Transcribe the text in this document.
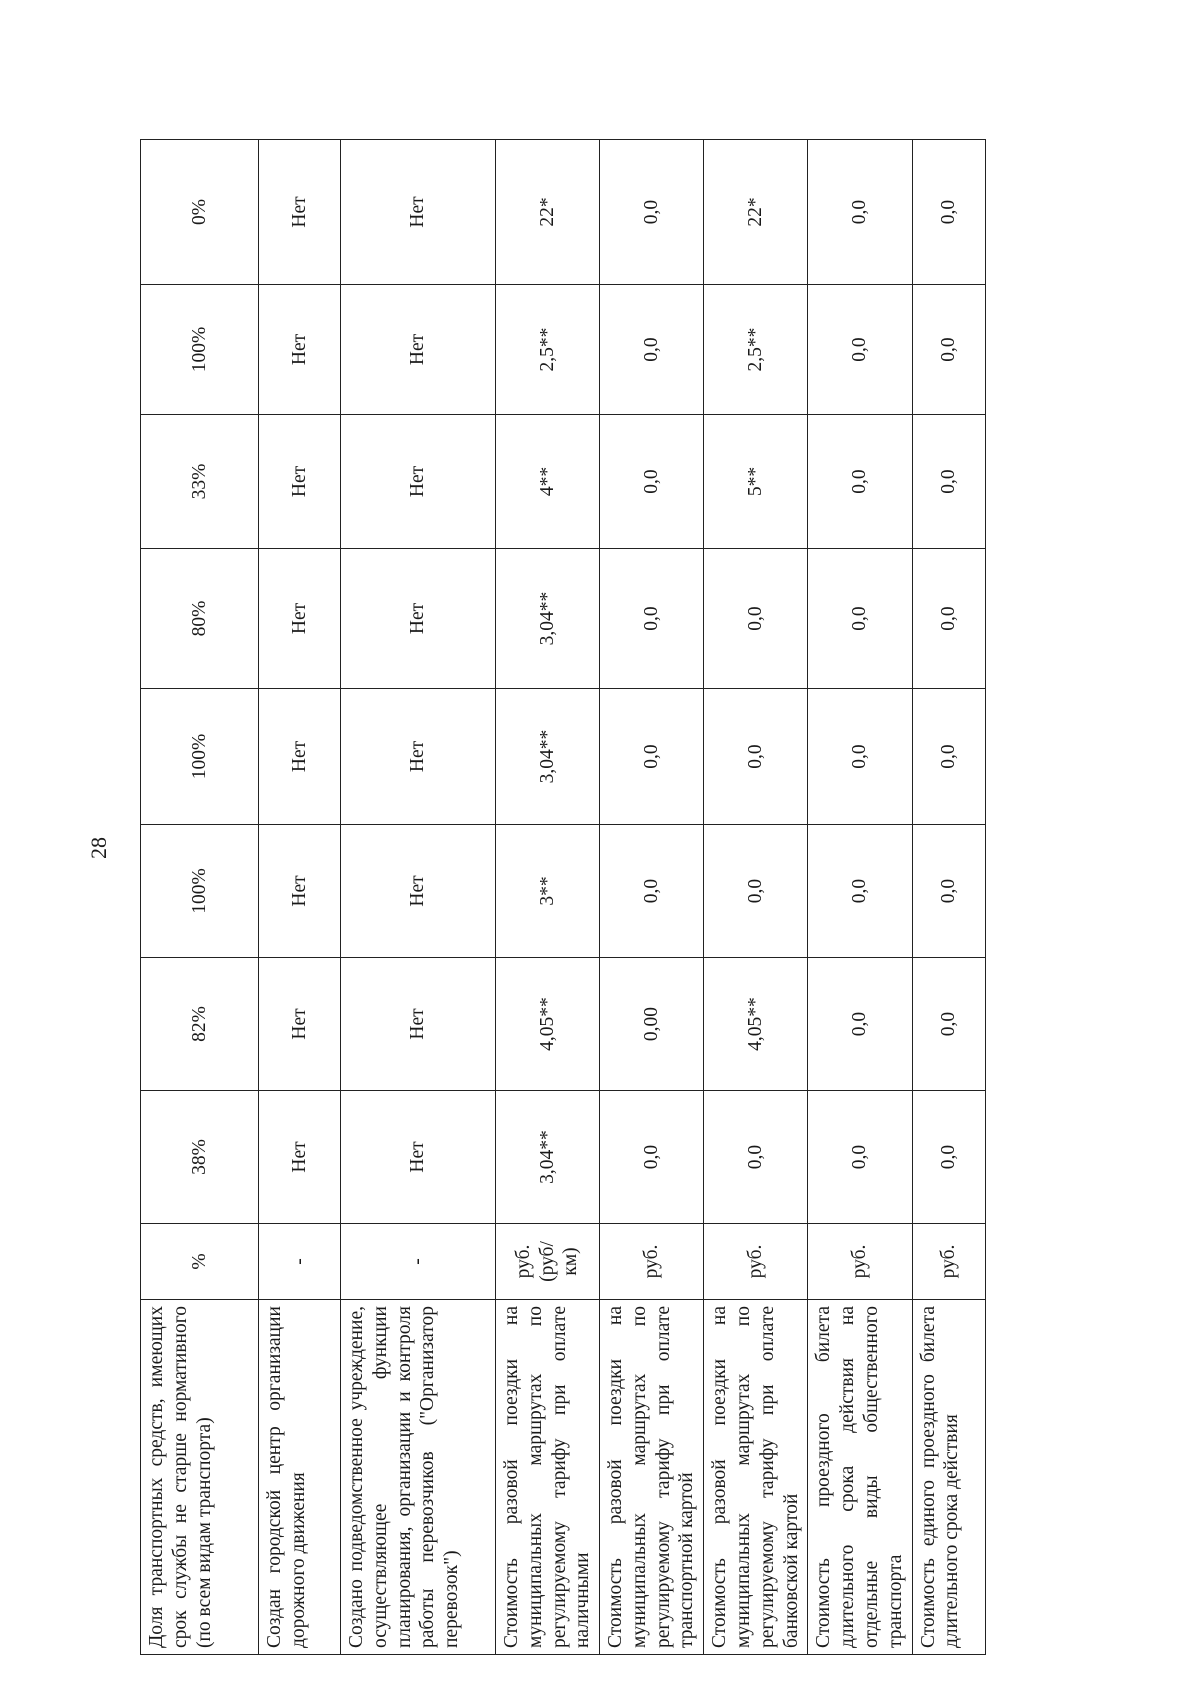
28
Доля транспортных средств, имеющих срок службы не старше нормативного (по всем видам транспорта)	%	38%	82%	100%	100%	80%	33%	100%	0%
Создан городской центр организации дорожного движения	-	Нет	Нет	Нет	Нет	Нет	Нет	Нет	Нет
Создано подведомственное учреждение, осуществляющее функции планирования, организации и контроля работы перевозчиков ("Организатор перевозок")	-	Нет	Нет	Нет	Нет	Нет	Нет	Нет	Нет
Стоимость разовой поездки на муниципальных маршрутах по регулируемому тарифу при оплате наличными	руб. (руб/км)	3,04**	4,05**	3**	3,04**	3,04**	4**	2,5**	22*
Стоимость разовой поездки на муниципальных маршрутах по регулируемому тарифу при оплате транспортной картой	руб.	0,0	0,00	0,0	0,0	0,0	0,0	0,0	0,0
Стоимость разовой поездки на муниципальных маршрутах по регулируемому тарифу при оплате банковской картой	руб.	0,0	4,05**	0,0	0,0	0,0	5**	2,5**	22*
Стоимость проездного билета длительного срока действия на отдельные виды общественного транспорта	руб.	0,0	0,0	0,0	0,0	0,0	0,0	0,0	0,0
Стоимость единого проездного билета длительного срока действия	руб.	0,0	0,0	0,0	0,0	0,0	0,0	0,0	0,0
